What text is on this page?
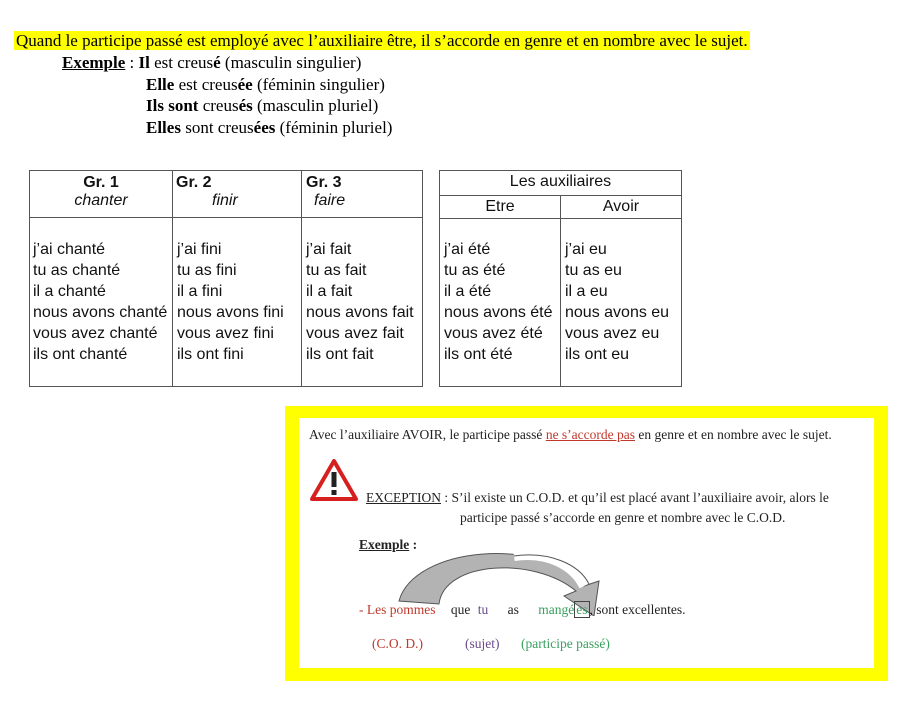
Quand le participe passé est employé avec l’auxiliaire être, il s’accorde en genre et en nombre avec le sujet.
Exemple : Il est creusé (masculin singulier)
Elle est creusée (féminin singulier)
Ils sont creusés (masculin pluriel)
Elles sont creusées (féminin pluriel)
Gr. 1
chanter
Gr. 2
finir
Gr. 3
faire
j’ai chanté
tu as chanté
il a chanté
nous avons chanté
vous avez chanté
ils ont chanté
j’ai fini
tu as fini
il a fini
nous avons fini
vous avez fini
ils ont fini
j’ai fait
tu as fait
il a fait
nous avons fait
vous avez fait
ils ont fait
Les auxiliaires
Etre	Avoir
j’ai été
tu as été
il a été
nous avons été
vous avez été
ils ont été
j’ai eu
tu as eu
il a eu
nous avons eu
vous avez eu
ils ont eu
Avec l’auxiliaire AVOIR, le participe passé ne s’accorde pas en genre et en nombre avec le sujet.
EXCEPTION : S’il existe un C.O.D. et qu’il est placé avant l’auxiliaire avoir, alors le
participe passé s’accorde en genre et nombre avec le C.O.D.
Exemple :
- Les pommes que tu as mangé es , sont excellentes.
(C.O. D.)	(sujet) (participe passé)
